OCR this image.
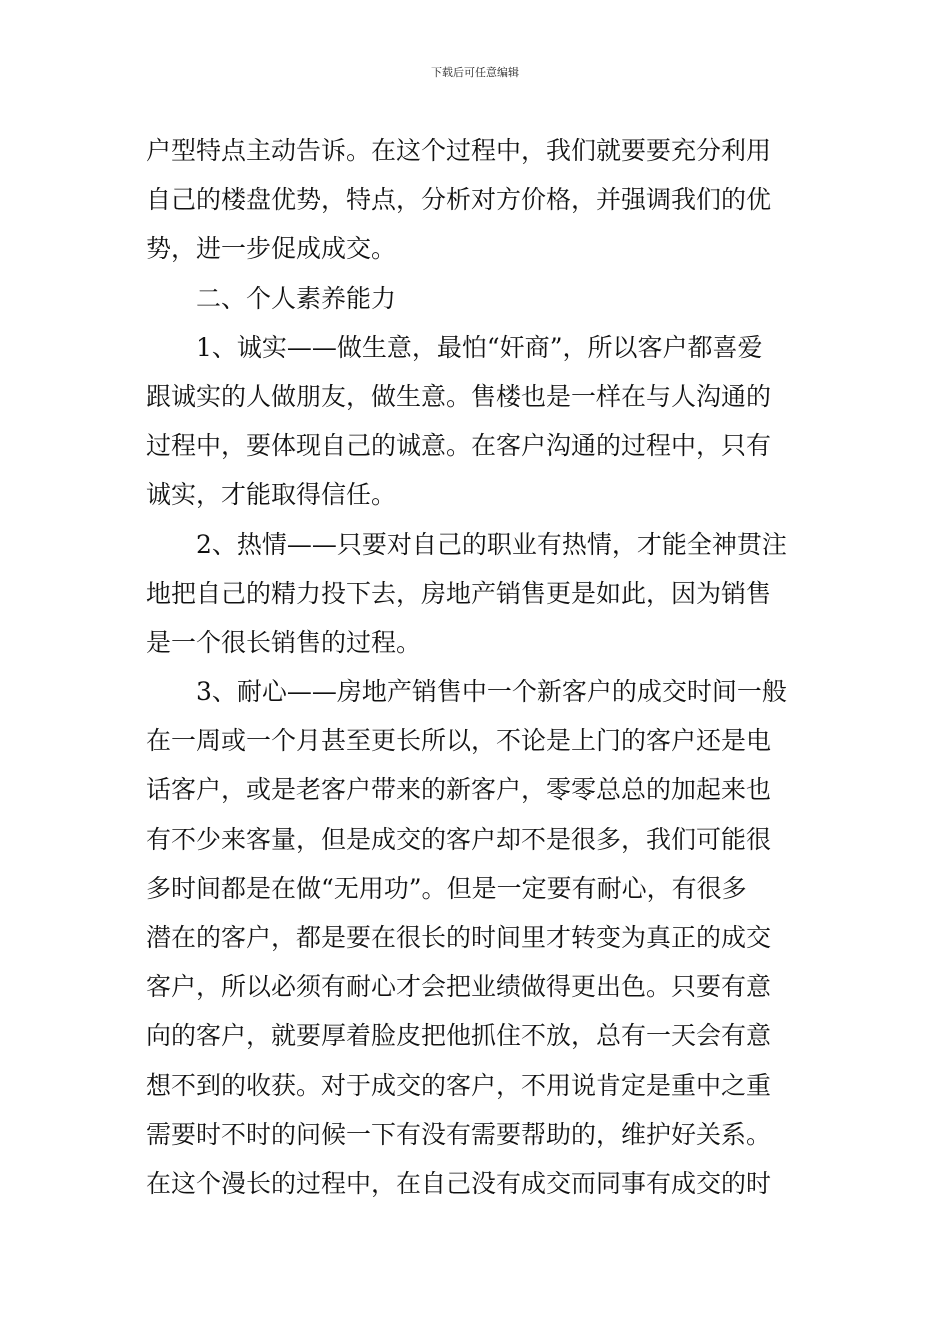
下载后可任意编辑
户型特点主动告诉。在这个过程中，我们就要要充分利用
自己的楼盘优势，特点，分析对方价格，并强调我们的优
势，进一步促成成交。
二、个人素养能力
1、诚实——做生意，最怕“奸商”，所以客户都喜爱
跟诚实的人做朋友，做生意。售楼也是一样在与人沟通的
过程中，要体现自己的诚意。在客户沟通的过程中，只有
诚实，才能取得信任。
2、热情——只要对自己的职业有热情，才能全神贯注
地把自己的精力投下去，房地产销售更是如此，因为销售
是一个很长销售的过程。
3、耐心——房地产销售中一个新客户的成交时间一般
在一周或一个月甚至更长所以，不论是上门的客户还是电
话客户，或是老客户带来的新客户，零零总总的加起来也
有不少来客量，但是成交的客户却不是很多，我们可能很
多时间都是在做“无用功”。但是一定要有耐心，有很多
潜在的客户，都是要在很长的时间里才转变为真正的成交
客户，所以必须有耐心才会把业绩做得更出色。只要有意
向的客户，就要厚着脸皮把他抓住不放，总有一天会有意
想不到的收获。对于成交的客户，不用说肯定是重中之重
需要时不时的问候一下有没有需要帮助的，维护好关系。
在这个漫长的过程中，在自己没有成交而同事有成交的时
